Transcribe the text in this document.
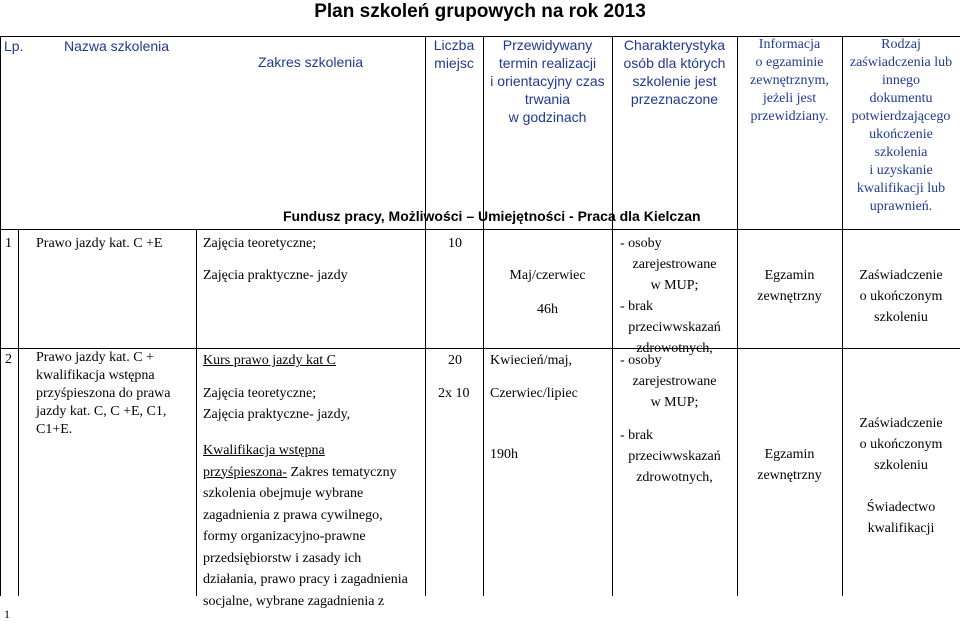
Plan szkoleń grupowych na rok 2013
Lp.	Nazwa szkolenia
Zakres szkolenia
Liczba
miejsc
Przewidywany
termin realizacji
i orientacyjny czas
trwania
w godzinach
Charakterystyka
osób dla których
szkolenie jest
przeznaczone
Informacja
o egzaminie
zewnętrznym,
jeżeli jest
przewidziany.
Rodzaj
zaświadczenia lub
innego
dokumentu
potwierdzającego
ukończenie
szkolenia
i uzyskanie
kwalifikacji lub
uprawnień.
Fundusz pracy, Możliwości – Umiejętności - Praca dla Kielczan
1 Prawo jazdy kat. C +E	Zajęcia teoretyczne;
Zajęcia praktyczne- jazdy
10
Maj/czerwiec
46h
- osoby
zarejestrowane
w MUP;
- brak
przeciwwskazań
zdrowotnych,
Egzamin
zewnętrzny
Zaświadczenie
o ukończonym
szkoleniu
2 Prawo jazdy kat. C +
kwalifikacja wstępna
przyśpieszona do prawa
jazdy kat. C, C +E, C1,
C1+E.
Kurs prawo jazdy kat C
Zajęcia teoretyczne;
Zajęcia praktyczne- jazdy,
Kwalifikacja wstępna
przyśpieszona- Zakres tematyczny
szkolenia obejmuje wybrane
zagadnienia z prawa cywilnego,
formy organizacyjno-prawne
przedsiębiorstw i zasady ich
działania, prawo pracy i zagadnienia
socjalne, wybrane zagadnienia z
20
2x 10
Kwiecień/maj,
Czerwiec/lipiec
190h
- osoby
zarejestrowane
w MUP;
- brak
przeciwwskazań
zdrowotnych,
Egzamin
zewnętrzny
Zaświadczenie
o ukończonym
szkoleniu
Świadectwo
kwalifikacji
1
